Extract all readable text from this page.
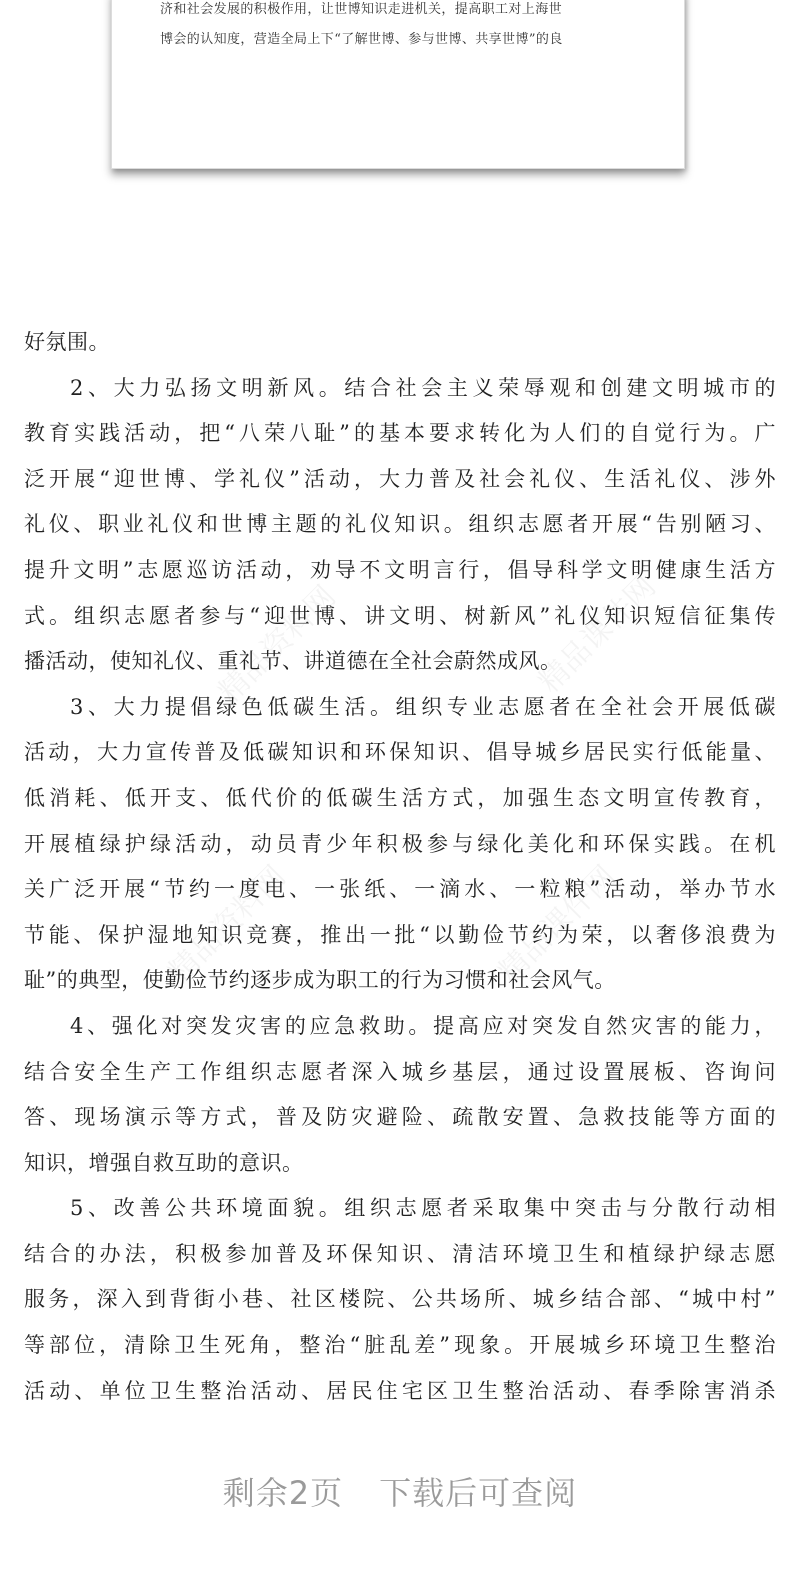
济和社会发展的积极作用，让世博知识走进机关，提高职工对上海世
博会的认知度，营造全局上下“了解世博、参与世博、共享世博”的良
好氛围。
2、大力弘扬文明新风。结合社会主义荣辱观和创建文明城市的
教育实践活动，把“八荣八耻”的基本要求转化为人们的自觉行为。广
泛开展“迎世博、学礼仪”活动，大力普及社会礼仪、生活礼仪、涉外
礼仪、职业礼仪和世博主题的礼仪知识。组织志愿者开展“告别陋习、
提升文明”志愿巡访活动，劝导不文明言行，倡导科学文明健康生活方
式。组织志愿者参与“迎世博、讲文明、树新风”礼仪知识短信征集传
播活动，使知礼仪、重礼节、讲道德在全社会蔚然成风。
3、大力提倡绿色低碳生活。组织专业志愿者在全社会开展低碳
活动，大力宣传普及低碳知识和环保知识、倡导城乡居民实行低能量、
低消耗、低开支、低代价的低碳生活方式，加强生态文明宣传教育，
开展植绿护绿活动，动员青少年积极参与绿化美化和环保实践。在机
关广泛开展“节约一度电、一张纸、一滴水、一粒粮”活动，举办节水
节能、保护湿地知识竞赛，推出一批“以勤俭节约为荣，以奢侈浪费为
耻”的典型，使勤俭节约逐步成为职工的行为习惯和社会风气。
4、强化对突发灾害的应急救助。提高应对突发自然灾害的能力，
结合安全生产工作组织志愿者深入城乡基层，通过设置展板、咨询问
答、现场演示等方式，普及防灾避险、疏散安置、急救技能等方面的
知识，增强自救互助的意识。
5、改善公共环境面貌。组织志愿者采取集中突击与分散行动相
结合的办法，积极参加普及环保知识、清洁环境卫生和植绿护绿志愿
服务，深入到背街小巷、社区楼院、公共场所、城乡结合部、“城中村”
等部位，清除卫生死角，整治“脏乱差”现象。开展城乡环境卫生整治
活动、单位卫生整治活动、居民住宅区卫生整治活动、春季除害消杀
剩余2页 下载后可查阅
